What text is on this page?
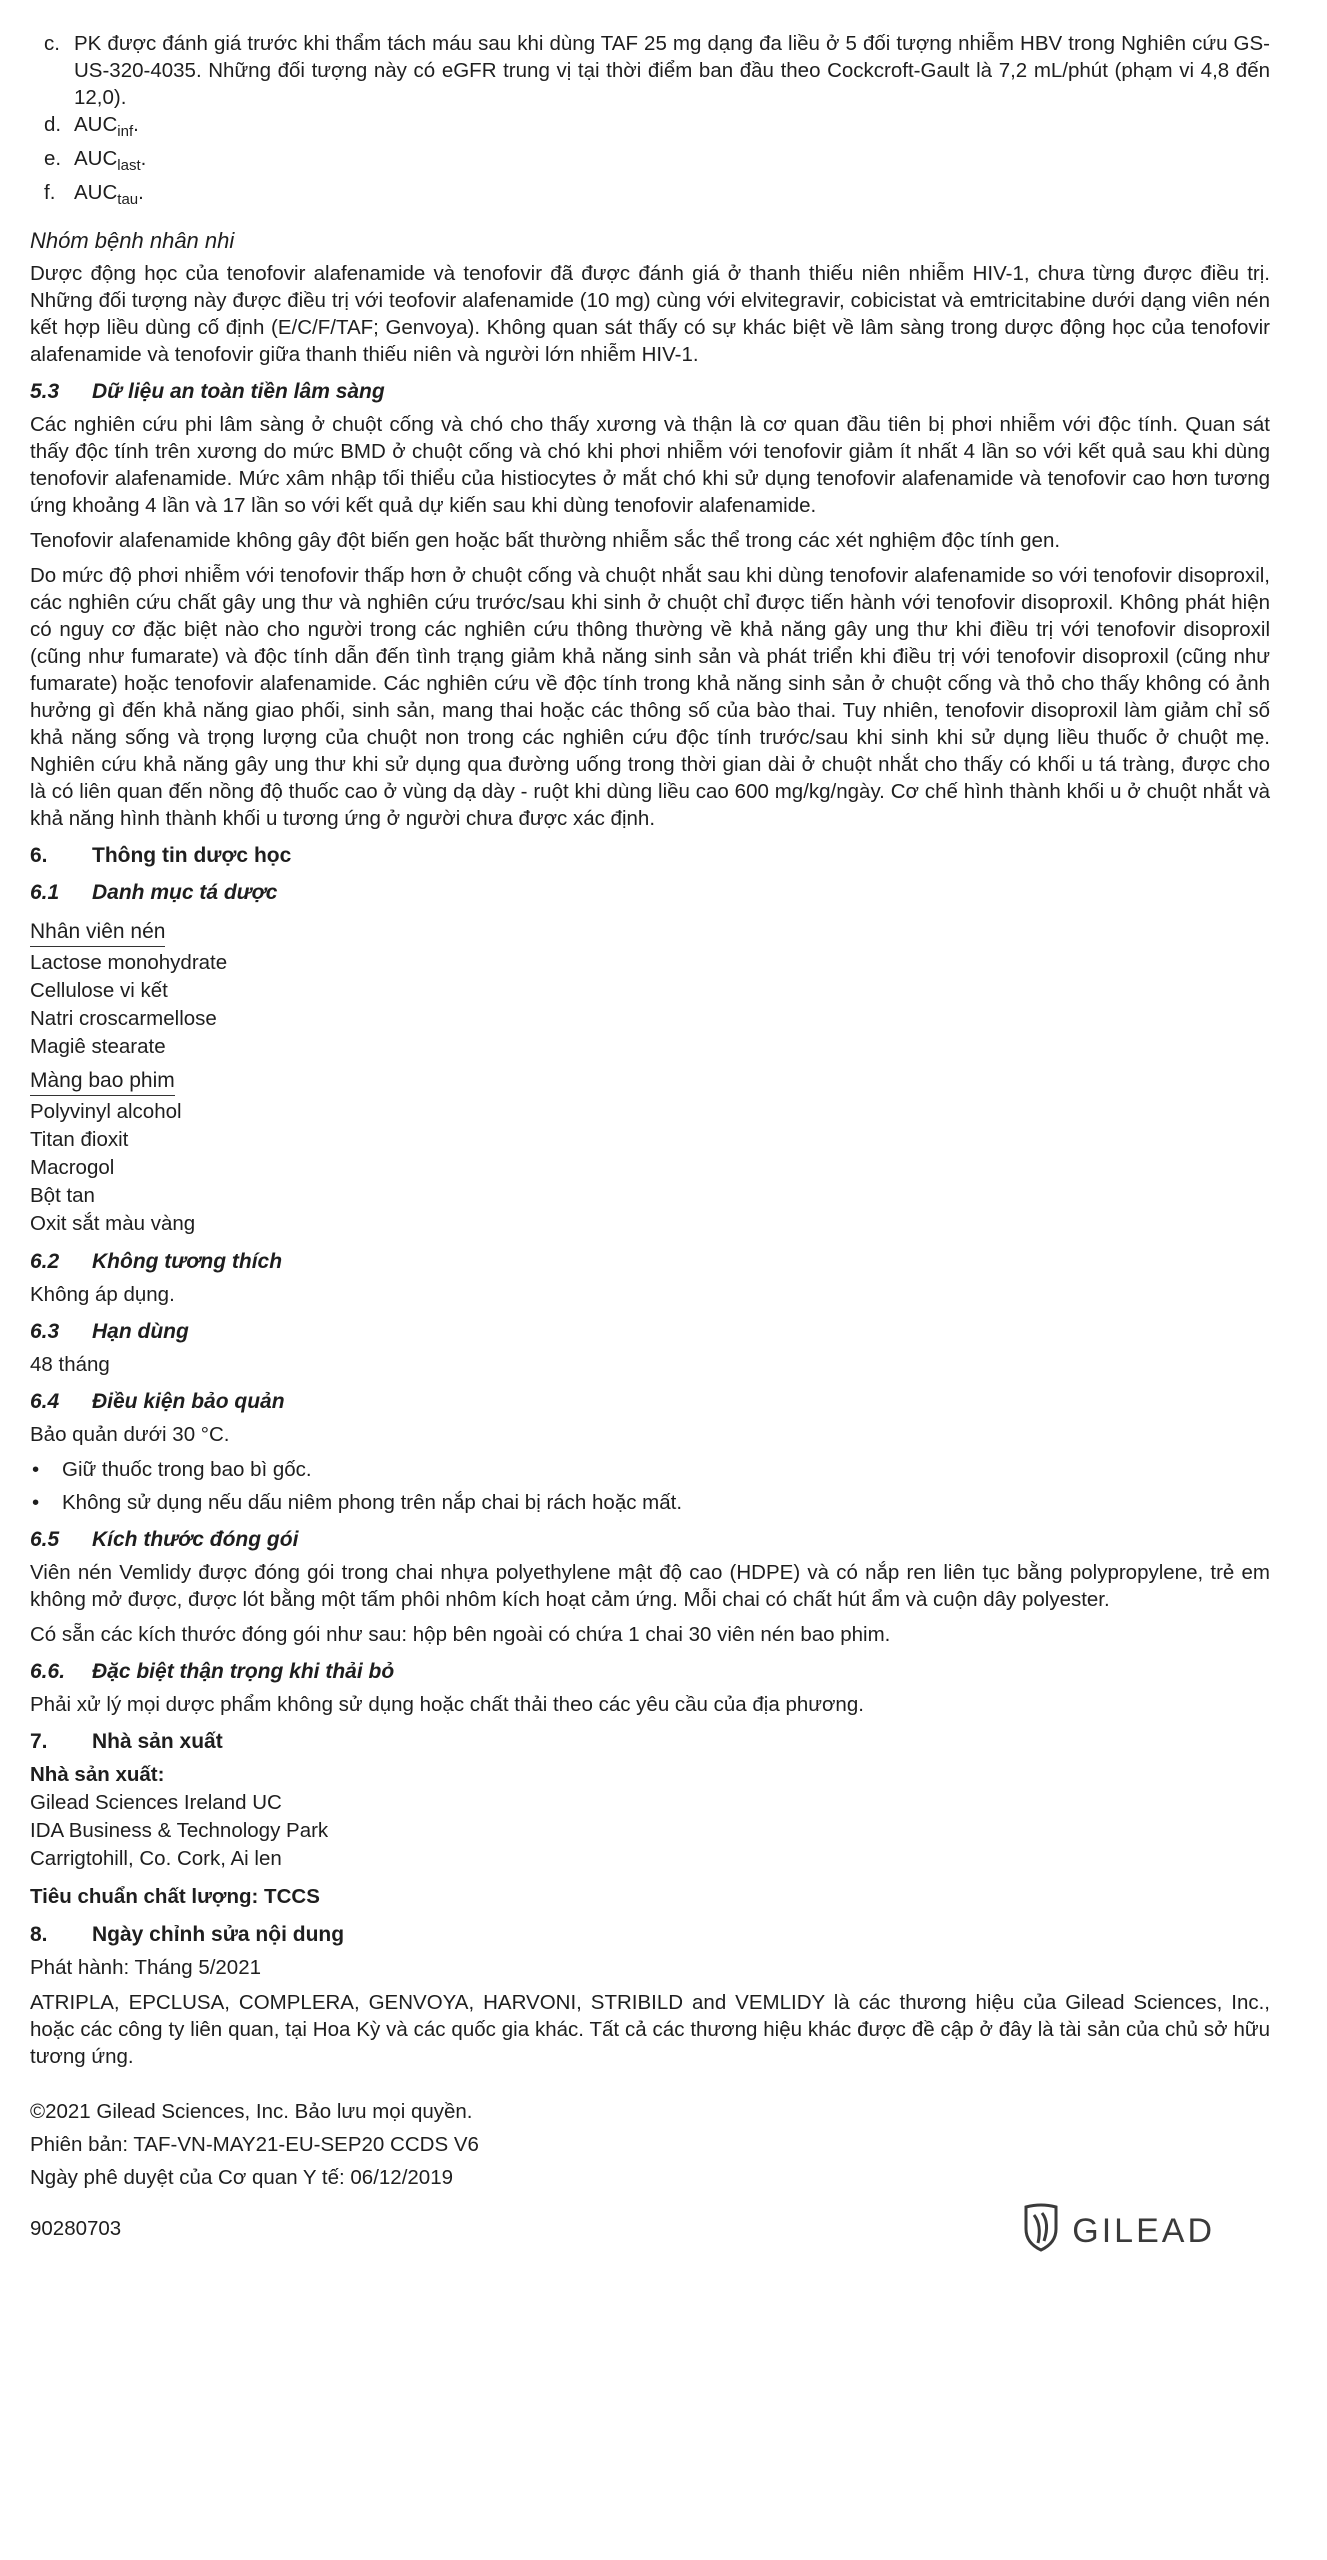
c. PK được đánh giá trước khi thẩm tách máu sau khi dùng TAF 25 mg dạng đa liều ở 5 đối tượng nhiễm HBV trong Nghiên cứu GS-US-320-4035. Những đối tượng này có eGFR trung vị tại thời điểm ban đầu theo Cockcroft-Gault là 7,2 mL/phút (phạm vi 4,8 đến 12,0).
d. $AUC_{inf}$.
e. $AUC_{last}$.
f. $AUC_{tau}$.
Nhóm bệnh nhân nhi

Dược động học của tenofovir alafenamide và tenofovir đã được đánh giá ở thanh thiếu niên nhiễm HIV-1, chưa từng được điều trị. Những đối tượng này được điều trị với teofovir alafenamide (10 mg) cùng với elvitegravir, cobicistat và emtricitabine dưới dạng viên nén kết hợp liều dùng cố định (E/C/F/TAF; Genvoya). Không quan sát thấy có sự khác biệt về lâm sàng trong dược động học của tenofovir alafenamide và tenofovir giữa thanh thiếu niên và người lớn nhiễm HIV-1.

5.3	Dữ liệu an toàn tiền lâm sàng

Các nghiên cứu phi lâm sàng ở chuột cống và chó cho thấy xương và thận là cơ quan đầu tiên bị phơi nhiễm với độc tính. Quan sát thấy độc tính trên xương do mức BMD ở chuột cống và chó khi phơi nhiễm với tenofovir giảm ít nhất 4 lần so với kết quả sau khi dùng tenofovir alafenamide. Mức xâm nhập tối thiểu của histiocytes ở mắt chó khi sử dụng tenofovir alafenamide và tenofovir cao hơn tương ứng khoảng 4 lần và 17 lần so với kết quả dự kiến sau khi dùng tenofovir alafenamide.

Tenofovir alafenamide không gây đột biến gen hoặc bất thường nhiễm sắc thể trong các xét nghiệm độc tính gen.

Do mức độ phơi nhiễm với tenofovir thấp hơn ở chuột cống và chuột nhắt sau khi dùng tenofovir alafenamide so với tenofovir disoproxil, các nghiên cứu chất gây ung thư và nghiên cứu trước/sau khi sinh ở chuột chỉ được tiến hành với tenofovir disoproxil. Không phát hiện có nguy cơ đặc biệt nào cho người trong các nghiên cứu thông thường về khả năng gây ung thư khi điều trị với tenofovir disoproxil (cũng như fumarate) và độc tính dẫn đến tình trạng giảm khả năng sinh sản và phát triển khi điều trị với tenofovir disoproxil (cũng như fumarate) hoặc tenofovir alafenamide. Các nghiên cứu về độc tính trong khả năng sinh sản ở chuột cống và thỏ cho thấy không có ảnh hưởng gì đến khả năng giao phối, sinh sản, mang thai hoặc các thông số của bào thai. Tuy nhiên, tenofovir disoproxil làm giảm chỉ số khả năng sống và trọng lượng của chuột non trong các nghiên cứu độc tính trước/sau khi sinh khi sử dụng liều thuốc ở chuột mẹ. Nghiên cứu khả năng gây ung thư khi sử dụng qua đường uống trong thời gian dài ở chuột nhắt cho thấy có khối u tá tràng, được cho là có liên quan đến nồng độ thuốc cao ở vùng dạ dày - ruột khi dùng liều cao 600 mg/kg/ngày. Cơ chế hình thành khối u ở chuột nhắt và khả năng hình thành khối u tương ứng ở người chưa được xác định.

6.	Thông tin dược học
6.1	Danh mục tá dược
Nhân viên nén
Lactose monohydrate
Cellulose vi kết
Natri croscarmellose
Magiê stearate
Màng bao phim
Polyvinyl alcohol
Titan đioxit
Macrogol
Bột tan
Oxit sắt màu vàng
6.2	Không tương thích

Không áp dụng.

6.3	Hạn dùng

48 tháng

6.4	Điều kiện bảo quản

Bảo quản dưới 30 °C.

•	Giữ thuốc trong bao bì gốc.
•	Không sử dụng nếu dấu niêm phong trên nắp chai bị rách hoặc mất.
6.5	Kích thước đóng gói

Viên nén Vemlidy được đóng gói trong chai nhựa polyethylene mật độ cao (HDPE) và có nắp ren liên tục bằng polypropylene, trẻ em không mở được, được lót bằng một tấm phôi nhôm kích hoạt cảm ứng. Mỗi chai có chất hút ẩm và cuộn dây polyester.

Có sẵn các kích thước đóng gói như sau: hộp bên ngoài có chứa 1 chai 30 viên nén bao phim.

6.6.	Đặc biệt thận trọng khi thải bỏ

Phải xử lý mọi dược phẩm không sử dụng hoặc chất thải theo các yêu cầu của địa phương.

7.	Nhà sản xuất
Nhà sản xuất:
Gilead Sciences Ireland UC
IDA Business & Technology Park
Carrigtohill, Co. Cork, Ai len
Tiêu chuẩn chất lượng: TCCS
8.	Ngày chỉnh sửa nội dung

Phát hành: Tháng 5/2021

ATRIPLA, EPCLUSA, COMPLERA, GENVOYA, HARVONI, STRIBILD and VEMLIDY là các thương hiệu của Gilead Sciences, Inc., hoặc các công ty liên quan, tại Hoa Kỳ và các quốc gia khác. Tất cả các thương hiệu khác được đề cập ở đây là tài sản của chủ sở hữu tương ứng.

©2021 Gilead Sciences, Inc. Bảo lưu mọi quyền.
Phiên bản: TAF-VN-MAY21-EU-SEP20 CCDS V6
Ngày phê duyệt của Cơ quan Y tế: 06/12/2019
90280703	GILEAD
